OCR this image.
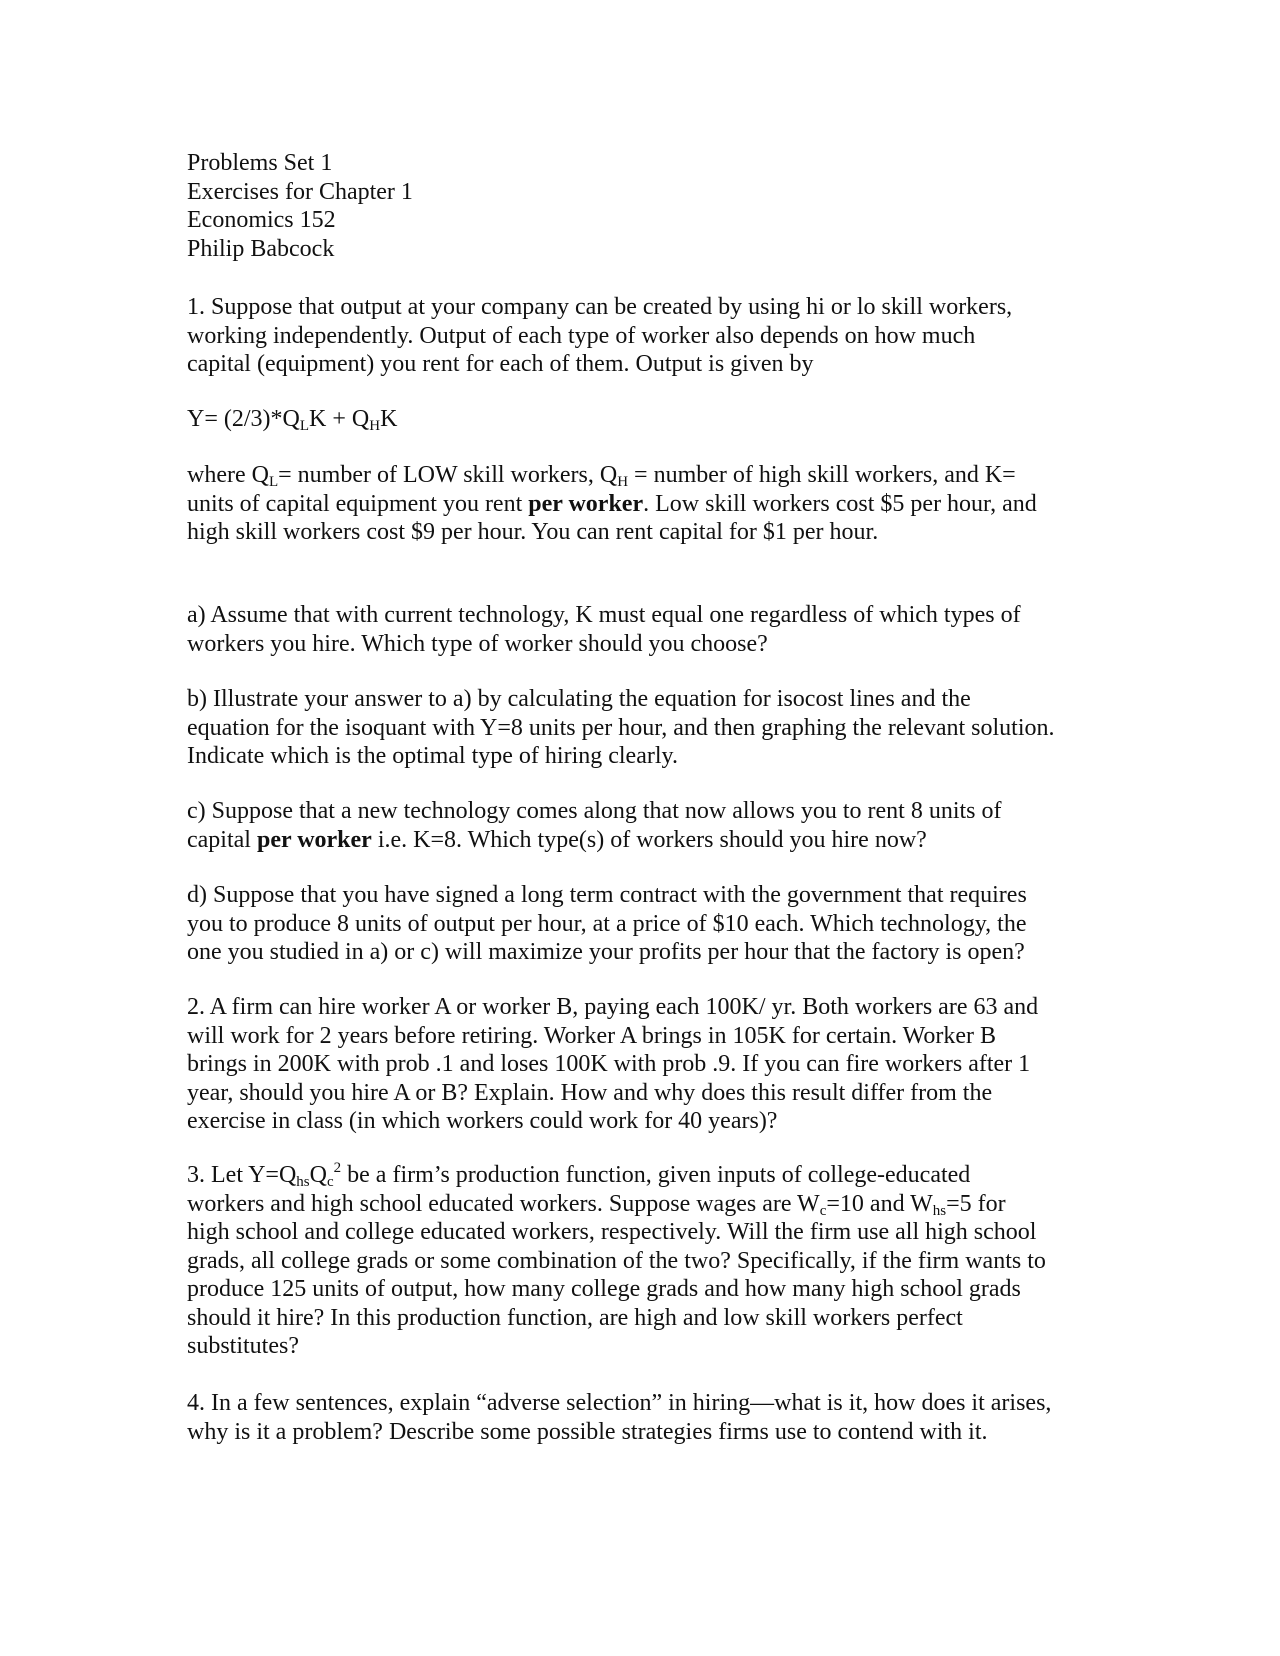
Problems Set 1
Exercises for Chapter 1
Economics 152
Philip Babcock
1. Suppose that output at your company can be created by using hi or lo skill workers,
working independently. Output of each type of worker also depends on how much
capital (equipment) you rent for each of them. Output is given by
$Y= (2/3)*Q_LK + Q_HK$
where $Q_L=$ number of LOW skill workers, $Q_H$ = number of high skill workers, and K=
units of capital equipment you rent per worker. Low skill workers cost $5 per hour, and
high skill workers cost $9 per hour. You can rent capital for $1 per hour.
a) Assume that with current technology, K must equal one regardless of which types of
workers you hire. Which type of worker should you choose?
b) Illustrate your answer to a) by calculating the equation for isocost lines and the
equation for the isoquant with Y=8 units per hour, and then graphing the relevant solution.
Indicate which is the optimal type of hiring clearly.
c) Suppose that a new technology comes along that now allows you to rent 8 units of
capital per worker i.e. K=8. Which type(s) of workers should you hire now?
d) Suppose that you have signed a long term contract with the government that requires
you to produce 8 units of output per hour, at a price of $10 each. Which technology, the
one you studied in a) or c) will maximize your profits per hour that the factory is open?
2. A firm can hire worker A or worker B, paying each 100K/ yr. Both workers are 63 and
will work for 2 years before retiring. Worker A brings in 105K for certain. Worker B
brings in 200K with prob .1 and loses 100K with prob .9. If you can fire workers after 1
year, should you hire A or B? Explain. How and why does this result differ from the
exercise in class (in which workers could work for 40 years)?
3. Let $Y=Q_{hs}Q_c^2$ be a firm’s production function, given inputs of college-educated
workers and high school educated workers. Suppose wages are $W_c=10$ and $W_{hs}=5$ for
high school and college educated workers, respectively. Will the firm use all high school
grads, all college grads or some combination of the two? Specifically, if the firm wants to
produce 125 units of output, how many college grads and how many high school grads
should it hire? In this production function, are high and low skill workers perfect
substitutes?
4. In a few sentences, explain “adverse selection” in hiring—what is it, how does it arises,
why is it a problem? Describe some possible strategies firms use to contend with it.
